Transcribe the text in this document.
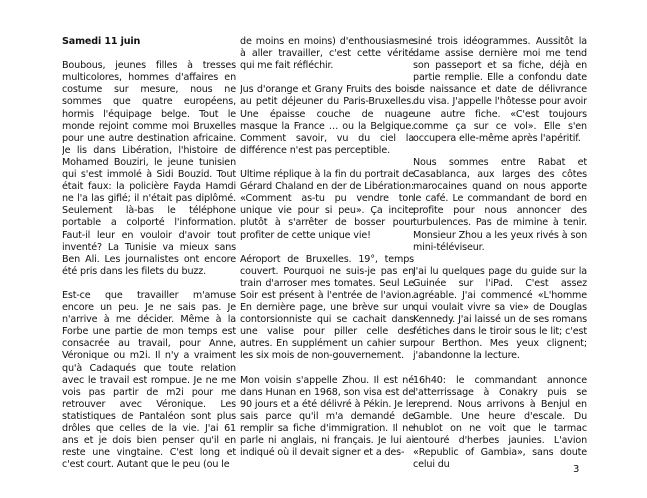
Samedi 11 juin

Boubous, jeunes filles à tresses multicolores, hommes d'affaires en costume sur mesure, nous ne sommes que quatre européens, hormis l'équipage belge. Tout le monde rejoint comme moi Bruxelles pour une autre destination africaine. Je lis dans Libération, l'histoire de Mohamed Bouziri, le jeune tunisien qui s'est immolé à Sidi Bouzid. Tout était faux: la policière Fayda Hamdi ne l'a las giflé; il n'était pas diplômé. Seulement là-bas le téléphone portable a colporté l'information. Faut-il leur en vouloir d'avoir tout inventé? La Tunisie va mieux sans Ben Ali. Les journalistes ont encore été pris dans les filets du buzz.

Est-ce que travailler m'amuse encore un peu. Je ne sais pas. Je n'arrive à me décider. Même à la Forbe une partie de mon temps est consacrée au travail, pour Anne, Véronique ou m2i. Il n'y a vraiment qu'à Cadaqués que toute relation avec le travail est rompue. Je ne me vois pas partir de m2i pour me retrouver avec Véronique. Les statistiques de Pantaléon sont plus drôles que celles de la vie. J'ai 61 ans et je dois bien penser qu'il en reste une vingtaine. C'est long et c'est court. Autant que le peu (ou le

de moins en moins) d'enthousiasme à aller travailler, c'est cette vérité qui me fait réfléchir.

Jus d'orange et Grany Fruits des bois au petit déjeuner du Paris-Bruxelles. Une épaisse couche de nuage masque la France … ou la Belgique. Comment savoir, vu du ciel la différence n'est pas perceptible.

Ultime réplique à la fin du portrait de Gérard Chaland en der de Libération: «Comment as-tu pu vendre ton unique vie pour si peu». Ça incite plutôt à s'arrêter de bosser pour profiter de cette unique vie!

Aéroport de Bruxelles. 19°, temps couvert. Pourquoi ne suis-je pas en train d'arroser mes tomates. Seul Le Soir est présent à l'entrée de l'avion. En dernière page, une brève sur un contorsionniste qui se cachait dans une valise pour piller celle des autres. En supplément un cahier sur les six mois de non-gouvernement.

Mon voisin s'appelle Zhou. Il est né dans Hunan en 1968, son visa est de 90 jours et a été délivré à Pékin. Je le sais parce qu'il m'a demandé de remplir sa fiche d'immigration. Il ne parle ni anglais, ni français. Je lui ai indiqué où il devait signer et a des-

siné trois idéogrammes. Aussitôt la dame assise dernière moi me tend son passeport et sa fiche, déjà en partie remplie. Elle a confondu date de naissance et date de délivrance du visa. J'appelle l'hôtesse pour avoir une autre fiche. «C'est toujours comme ça sur ce vol». Elle s'en occupera elle-même après l'apéritif.

Nous sommes entre Rabat et Casablanca, aux larges des côtes marocaines quand on nous apporte le café. Le commandant de bord en profite pour nous annoncer des turbulences. Pas de mimine à tenir. Monsieur Zhou a les yeux rivés à son mini-téléviseur.

J'ai lu quelques page du guide sur la Guinée sur l'iPad. C'est assez agréable. J'ai commencé «L'homme qui voulait vivre sa vie» de Douglas Kennedy. J'ai laissé un de ses romans fétiches dans le tiroir sous le lit; c'est pour Berthon. Mes yeux clignent; j'abandonne la lecture.

16h40: le commandant annonce l'atterrissage à Conakry puis se reprend. Nous arrivons à Benjul en Gamble. Une heure d'escale. Du hublot on ne voit que le tarmac entouré d'herbes jaunies. L'avion «Republic of Gambia», sans doute celui du	3
